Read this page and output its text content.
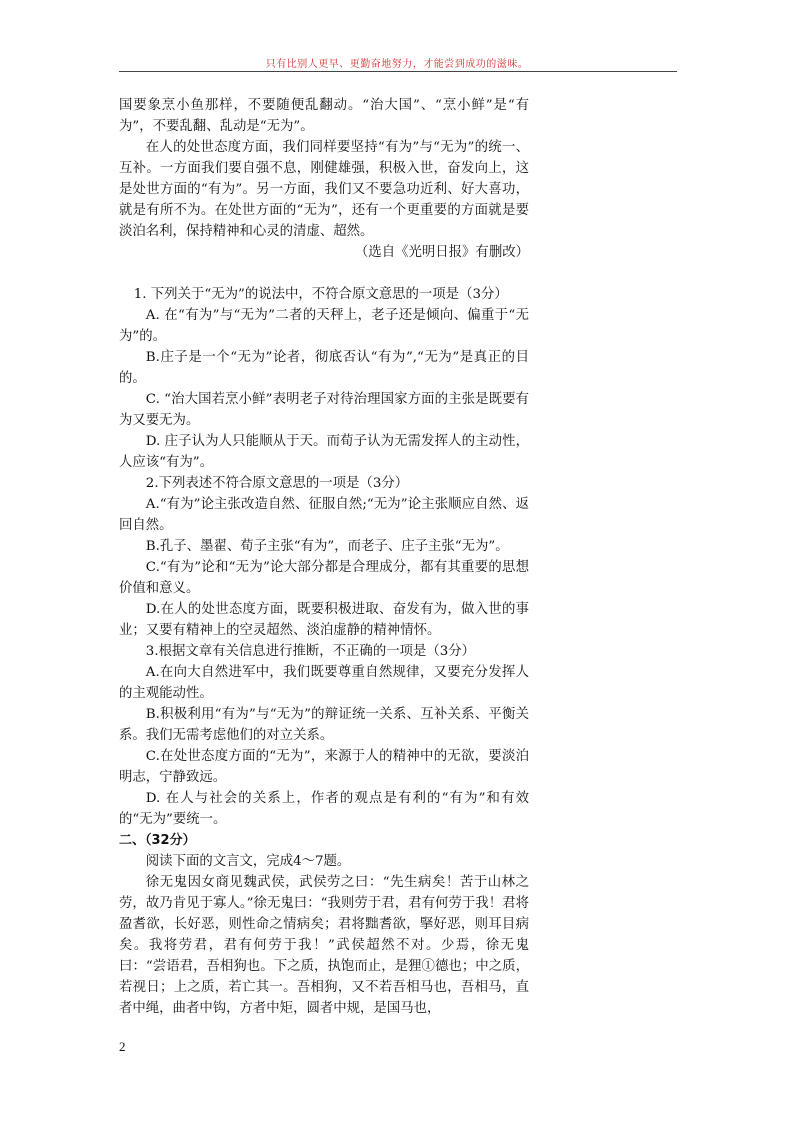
只有比别人更早、更勤奋地努力，才能尝到成功的滋味。

国要象烹小鱼那样，不要随便乱翻动。“治大国”、“烹小鲜”是“有为”，不要乱翻、乱动是“无为”。

在人的处世态度方面，我们同样要坚持“有为”与“无为”的统一、互补。一方面我们要自强不息，刚健雄强，积极入世，奋发向上，这是处世方面的“有为”。另一方面，我们又不要急功近利、好大喜功，就是有所不为。在处世方面的“无为”，还有一个更重要的方面就是要淡泊名利，保持精神和心灵的清虚、超然。

（选自《光明日报》有删改）

1. 下列关于“无为”的说法中，不符合原文意思的一项是（3分）

A. 在“有为”与“无为”二者的天秤上，老子还是倾向、偏重于“无为”的。

B.庄子是一个“无为”论者，彻底否认“有为”,“无为”是真正的目的。

C. “治大国若烹小鲜”表明老子对待治理国家方面的主张是既要有为又要无为。

D. 庄子认为人只能顺从于天。而荀子认为无需发挥人的主动性，人应该“有为”。

2.下列表述不符合原文意思的一项是（3分）

A.“有为”论主张改造自然、征服自然;“无为”论主张顺应自然、返回自然。

B.孔子、墨翟、荀子主张“有为”，而老子、庄子主张“无为”。

C.“有为”论和“无为”论大部分都是合理成分，都有其重要的思想价值和意义。

D.在人的处世态度方面，既要积极进取、奋发有为，做入世的事业；又要有精神上的空灵超然、淡泊虚静的精神情怀。

3.根据文章有关信息进行推断，不正确的一项是（3分）

A.在向大自然进军中，我们既要尊重自然规律，又要充分发挥人的主观能动性。

B.积极利用“有为”与“无为”的辩证统一关系、互补关系、平衡关系。我们无需考虑他们的对立关系。

C.在处世态度方面的“无为”，来源于人的精神中的无欲，要淡泊明志，宁静致远。

D. 在人与社会的关系上，作者的观点是有利的“有为”和有效的“无为”要统一。

二、（32分）

阅读下面的文言文，完成4～7题。

徐无鬼因女商见魏武侯，武侯劳之曰：“先生病矣！苦于山林之劳，故乃肯见于寡人。”徐无鬼曰：“我则劳于君，君有何劳于我！君将盈耆欲，长好恶，则性命之情病矣；君将黜耆欲，掔好恶，则耳目病矣。我将劳君，君有何劳于我！”武侯超然不对。少焉，徐无鬼曰：“尝语君，吾相狗也。下之质，执饱而止，是狸①德也；中之质，若视日；上之质，若亡其一。吾相狗，又不若吾相马也，吾相马，直者中绳，曲者中钩，方者中矩，圆者中规，是国马也，

2
